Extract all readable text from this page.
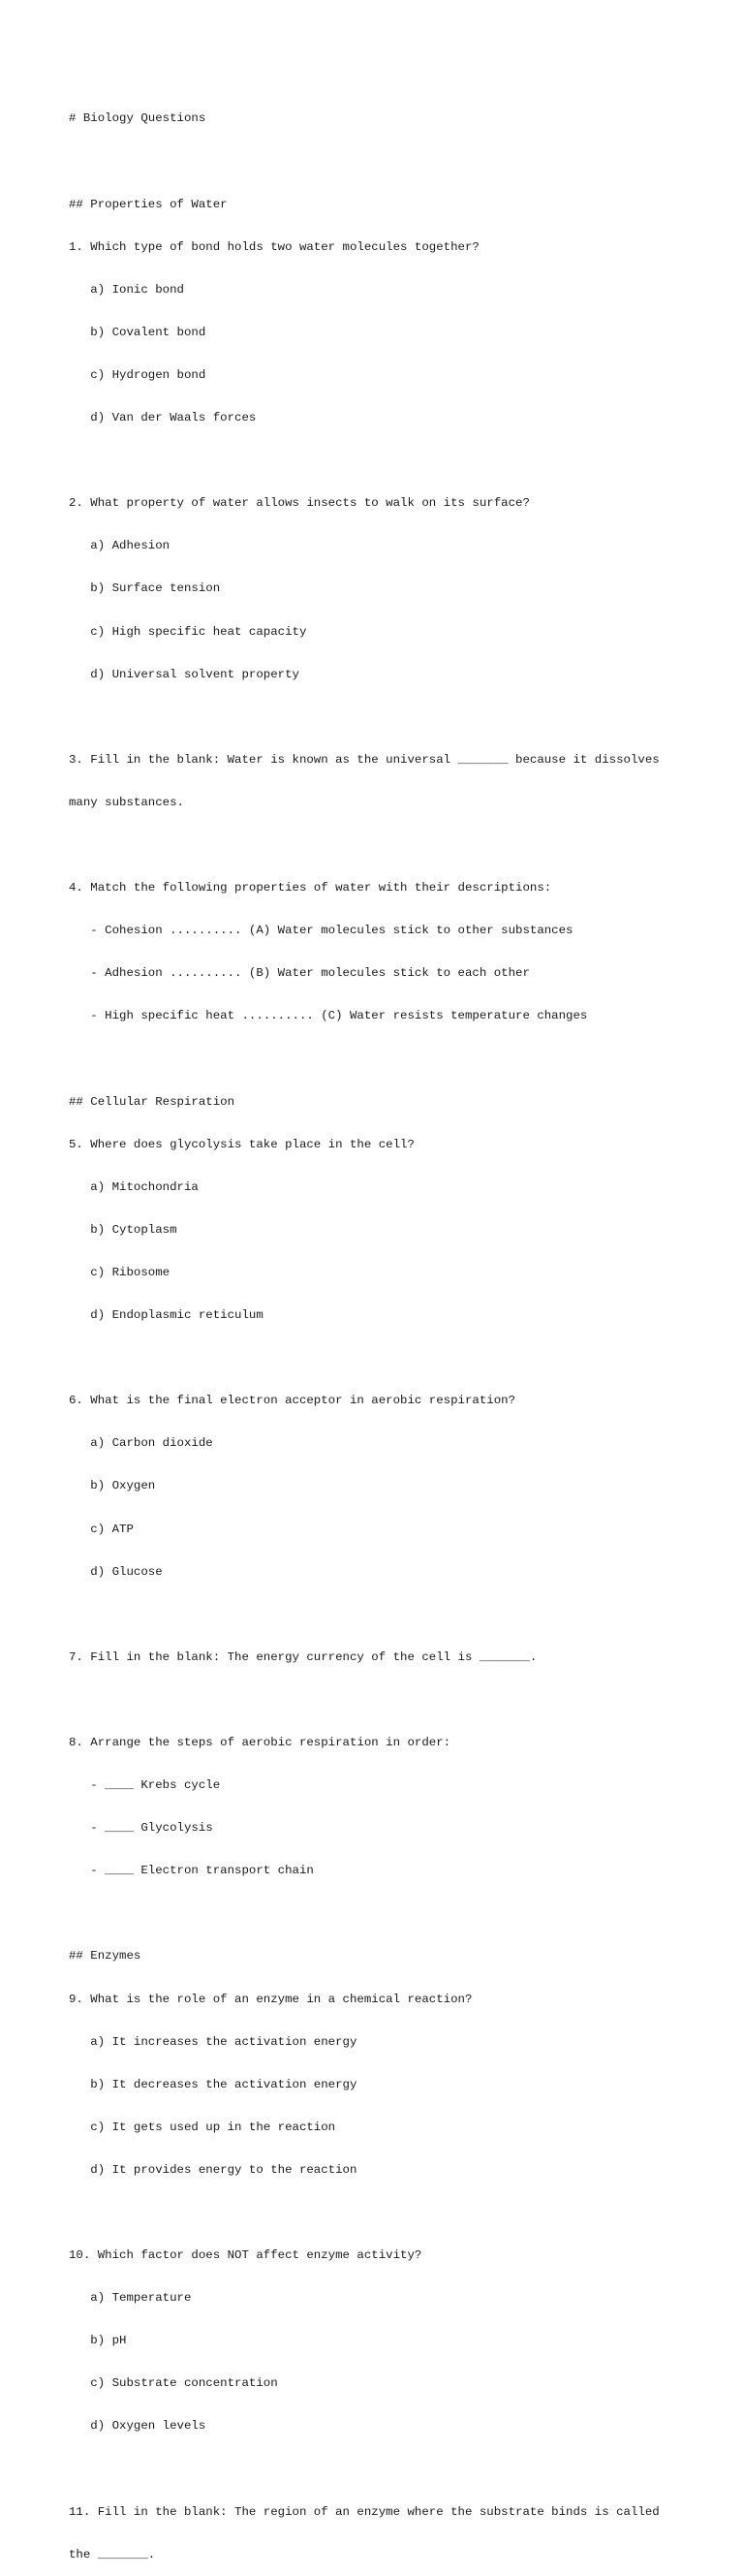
# Biology Questions

## Properties of Water

1. Which type of bond holds two water molecules together?

a) Ionic bond

b) Covalent bond

c) Hydrogen bond

d) Van der Waals forces

2. What property of water allows insects to walk on its surface?

a) Adhesion

b) Surface tension

c) High specific heat capacity

d) Universal solvent property

3. Fill in the blank: Water is known as the universal _______ because it dissolves

many substances.

4. Match the following properties of water with their descriptions:

- Cohesion .......... (A) Water molecules stick to other substances

- Adhesion .......... (B) Water molecules stick to each other

- High specific heat .......... (C) Water resists temperature changes

## Cellular Respiration

5. Where does glycolysis take place in the cell?

a) Mitochondria

b) Cytoplasm

c) Ribosome

d) Endoplasmic reticulum

6. What is the final electron acceptor in aerobic respiration?

a) Carbon dioxide

b) Oxygen

c) ATP

d) Glucose

7. Fill in the blank: The energy currency of the cell is _______.

8. Arrange the steps of aerobic respiration in order:

- ____ Krebs cycle

- ____ Glycolysis

- ____ Electron transport chain

## Enzymes

9. What is the role of an enzyme in a chemical reaction?

a) It increases the activation energy

b) It decreases the activation energy

c) It gets used up in the reaction

d) It provides energy to the reaction

10. Which factor does NOT affect enzyme activity?

a) Temperature

b) pH

c) Substrate concentration

d) Oxygen levels

11. Fill in the blank: The region of an enzyme where the substrate binds is called

the _______.
